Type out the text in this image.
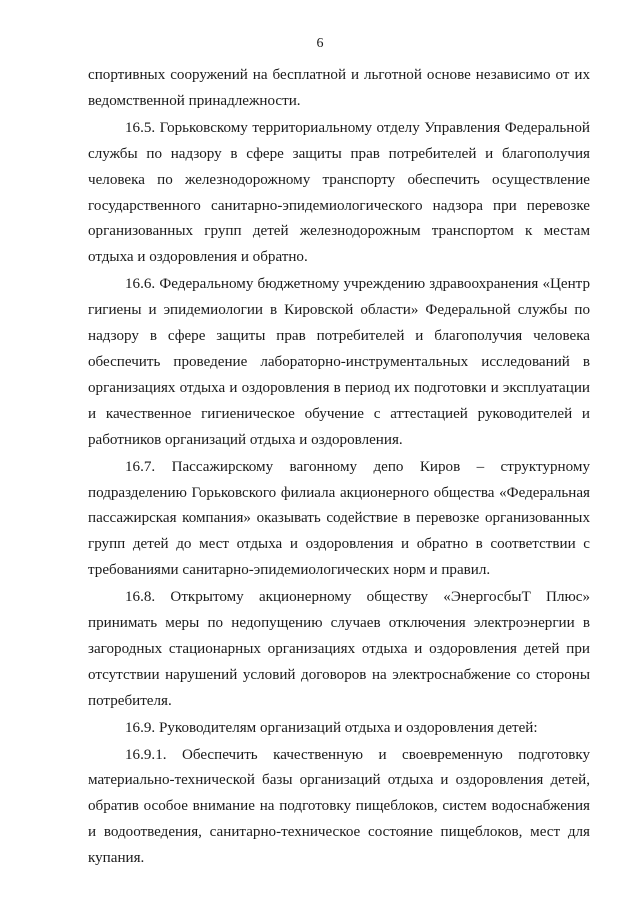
6

спортивных сооружений на бесплатной и льготной основе независимо от их ведомственной принадлежности.

16.5. Горьковскому территориальному отделу Управления Федеральной службы по надзору в сфере защиты прав потребителей и благополучия человека по железнодорожному транспорту обеспечить осуществление государственного санитарно-эпидемиологического надзора при перевозке организованных групп детей железнодорожным транспортом к местам отдыха и оздоровления и обратно.

16.6. Федеральному бюджетному учреждению здравоохранения «Центр гигиены и эпидемиологии в Кировской области» Федеральной службы по надзору в сфере защиты прав потребителей и благополучия человека обеспечить проведение лабораторно-инструментальных исследований в организациях отдыха и оздоровления в период их подготовки и эксплуатации и качественное гигиеническое обучение с аттестацией руководителей и работников организаций отдыха и оздоровления.

16.7. Пассажирскому вагонному депо Киров – структурному подразделению Горьковского филиала акционерного общества «Федеральная пассажирская компания» оказывать содействие в перевозке организованных групп детей до мест отдыха и оздоровления и обратно в соответствии с требованиями санитарно-эпидемиологических норм и правил.

16.8. Открытому акционерному обществу «ЭнергосбыТ Плюс» принимать меры по недопущению случаев отключения электроэнергии в загородных стационарных организациях отдыха и оздоровления детей при отсутствии нарушений условий договоров на электроснабжение со стороны потребителя.

16.9. Руководителям организаций отдыха и оздоровления детей:

16.9.1. Обеспечить качественную и своевременную подготовку материально-технической базы организаций отдыха и оздоровления детей, обратив особое внимание на подготовку пищеблоков, систем водоснабжения и водоотведения, санитарно-техническое состояние пищеблоков, мест для купания.
